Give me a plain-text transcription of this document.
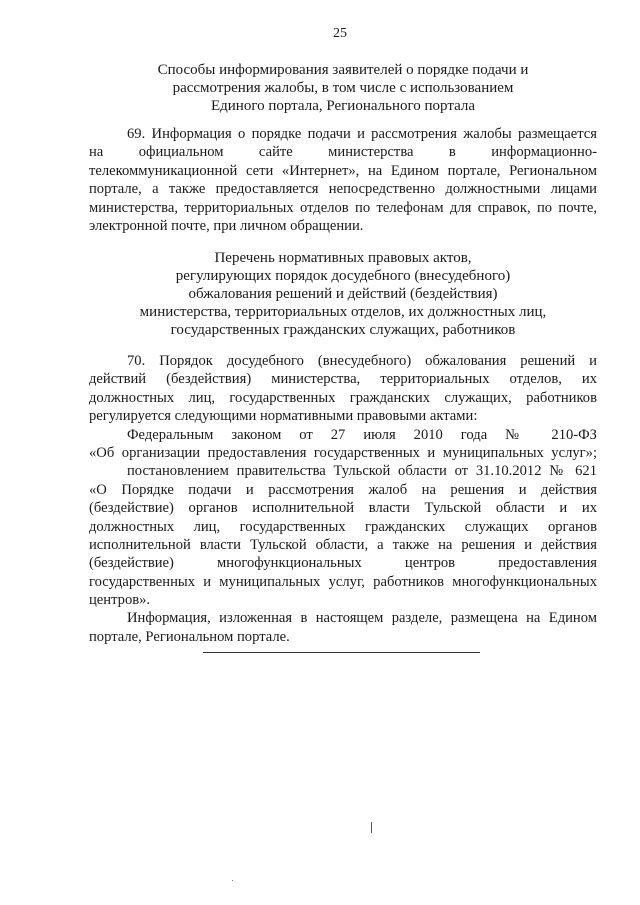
25
Способы информирования заявителей о порядке подачи и
рассмотрения жалобы, в том числе с использованием
Единого портала, Регионального портала
69. Информация о порядке подачи и рассмотрения жалобы размещается
на официальном сайте министерства в информационно-
телекоммуникационной сети «Интернет», на Едином портале, Региональном
портале, а также предоставляется непосредственно должностными лицами
министерства, территориальных отделов по телефонам для справок, по почте,
электронной почте, при личном обращении.
Перечень нормативных правовых актов,
регулирующих порядок досудебного (внесудебного)
обжалования решений и действий (бездействия)
министерства, территориальных отделов, их должностных лиц,
государственных гражданских служащих, работников
70. Порядок досудебного (внесудебного) обжалования решений и
действий (бездействия) министерства, территориальных отделов, их
должностных лиц, государственных гражданских служащих, работников
регулируется следующими нормативными правовыми актами:
Федеральным законом от 27 июля 2010 года № 210-ФЗ
«Об организации предоставления государственных и муниципальных услуг»;
постановлением правительства Тульской области от 31.10.2012 № 621
«О Порядке подачи и рассмотрения жалоб на решения и действия
(бездействие) органов исполнительной власти Тульской области и их
должностных лиц, государственных гражданских служащих органов
исполнительной власти Тульской области, а также на решения и действия
(бездействие) многофункциональных центров предоставления
государственных и муниципальных услуг, работников многофункциональных
центров».
Информация, изложенная в настоящем разделе, размещена на Едином
портале, Региональном портале.
